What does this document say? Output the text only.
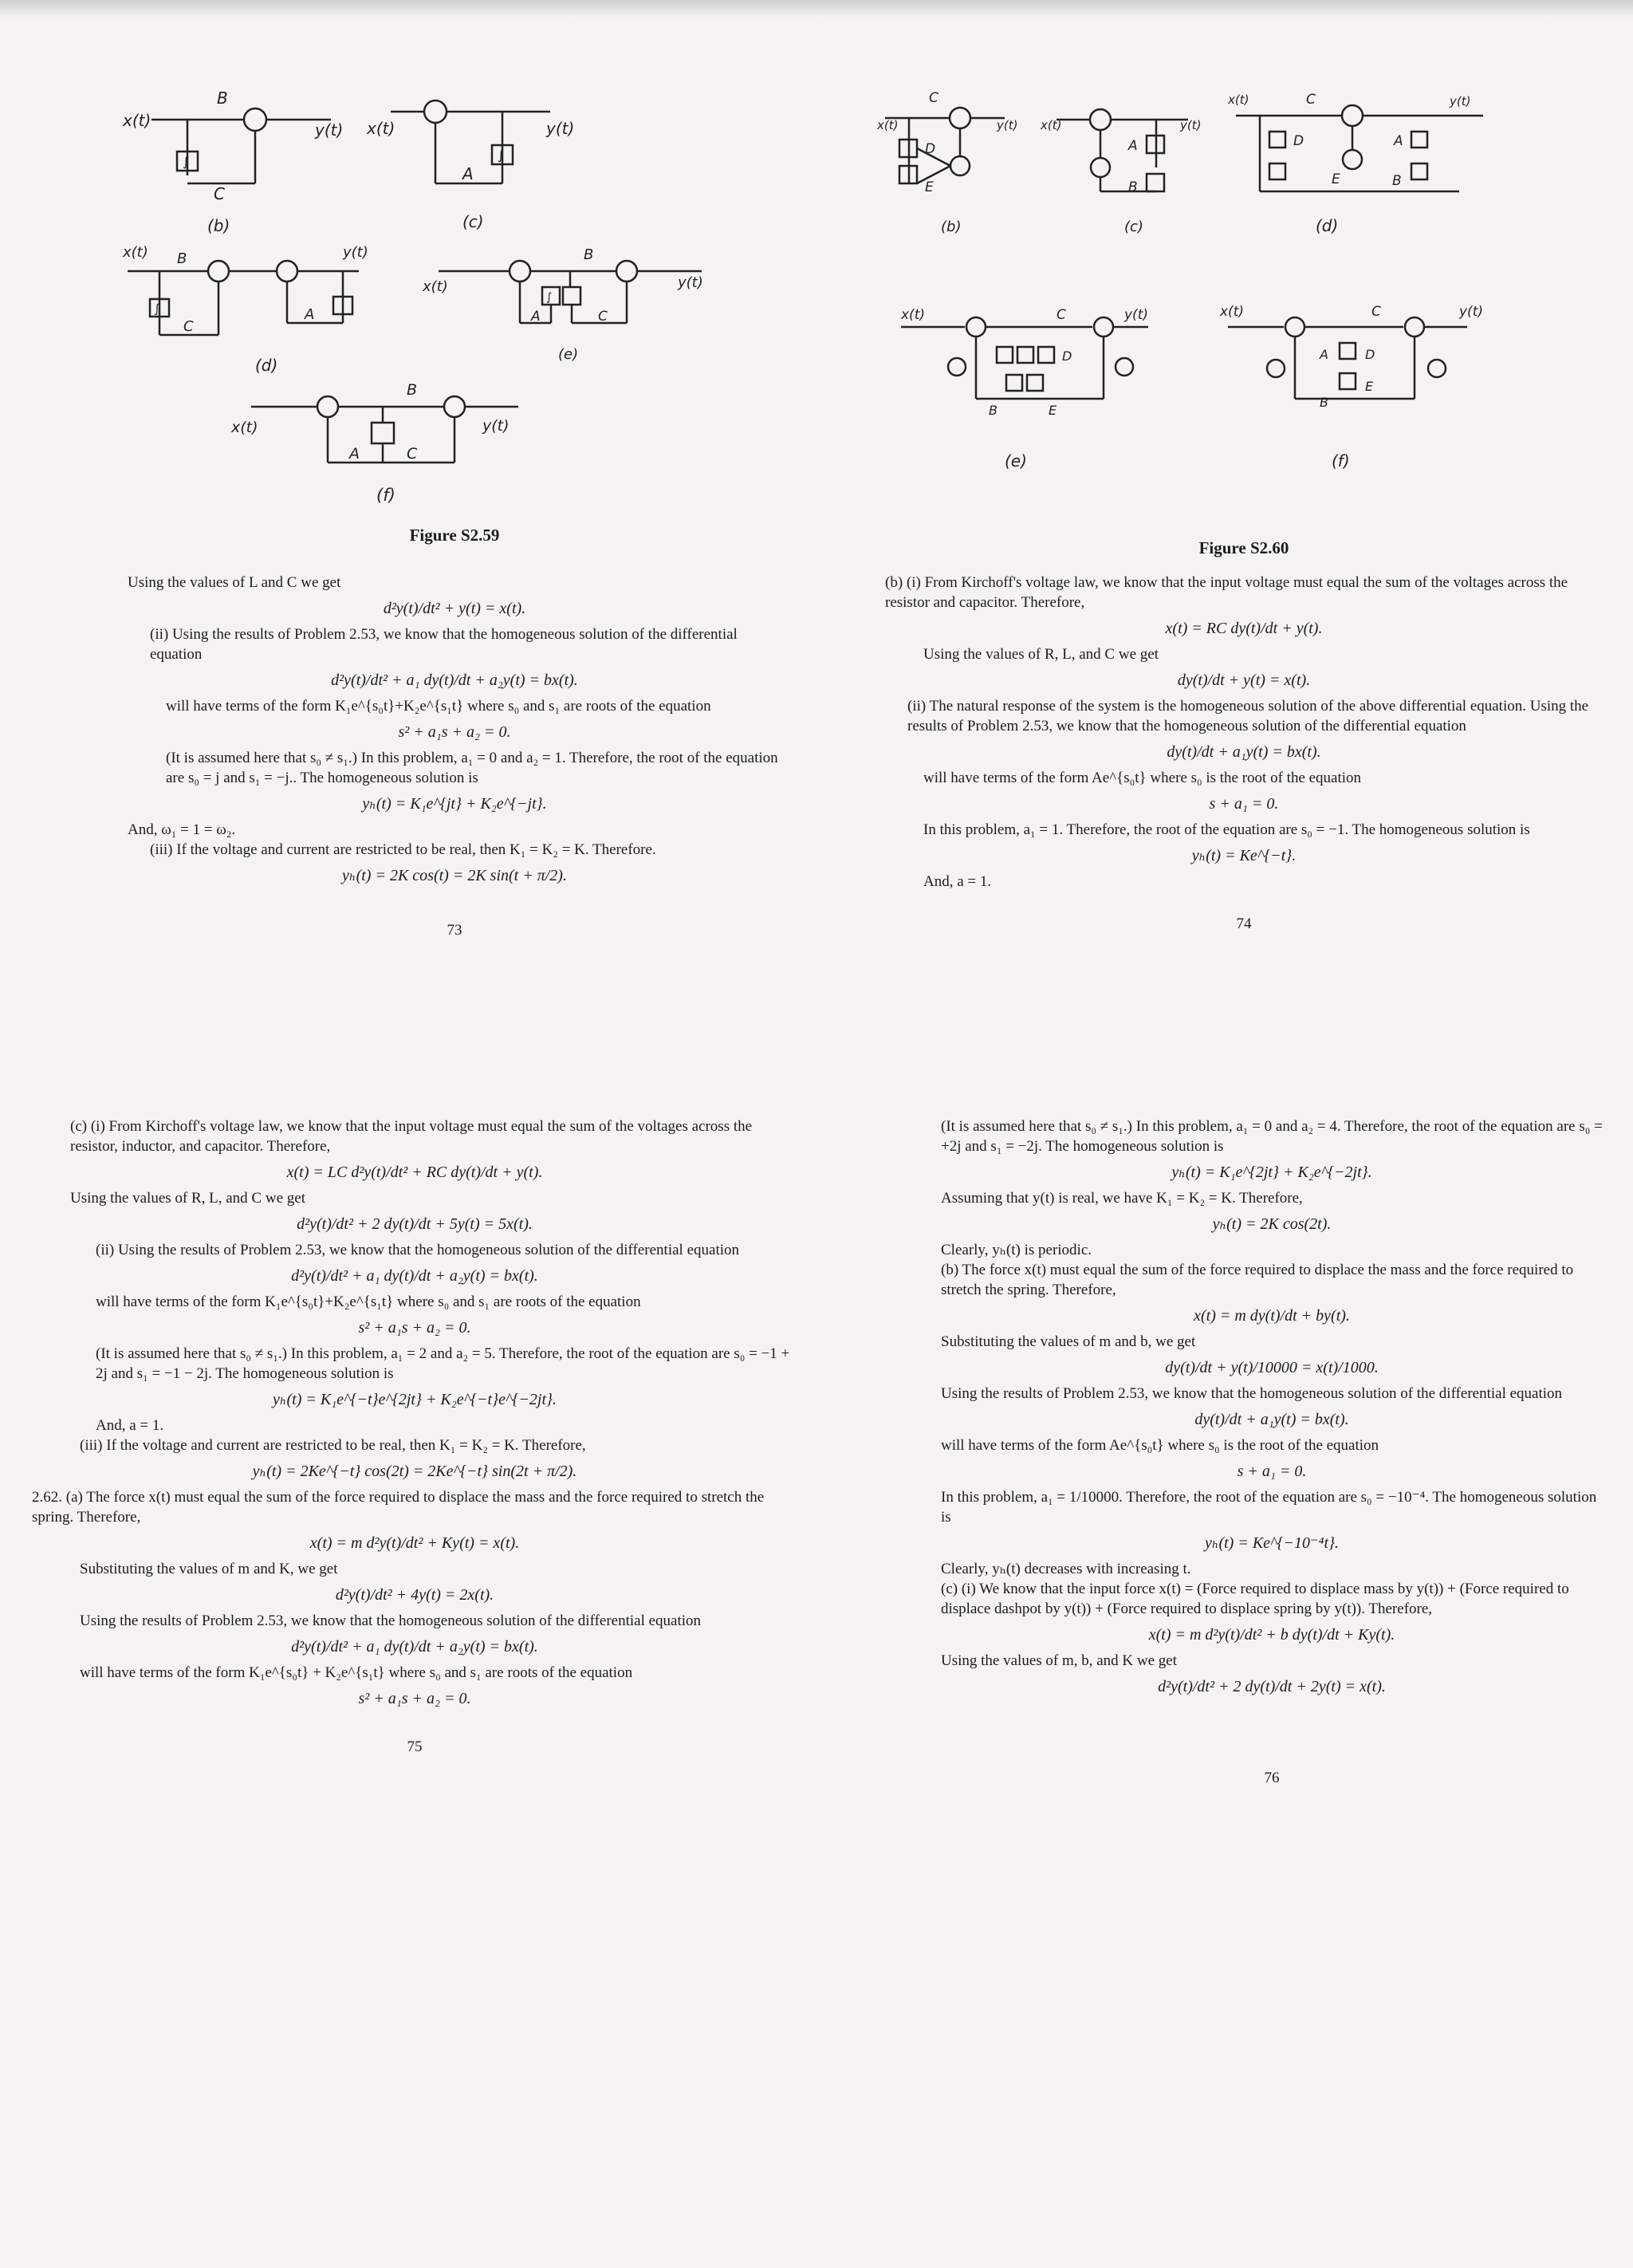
x(t)
B
y(t)
∫
C
(b)
x(t)	y(t)
∫
A
(c)
x(t) B	y(t)
∫
C
A
(d)
x(t)
B
y(t)
∫
A	C
(e)
x(t)
B
y(t)
A	C
(f)
Figure S2.59

Using the values of L and C we get

d²y(t)/dt² + y(t) = x(t).

(ii) Using the results of Problem 2.53, we know that the homogeneous solution of the differential equation

d²y(t)/dt² + a₁ dy(t)/dt + a₂y(t) = bx(t).

will have terms of the form K₁e^{s₀t}+K₂e^{s₁t} where s₀ and s₁ are roots of the equation

s² + a₁s + a₂ = 0.

(It is assumed here that s₀ ≠ s₁.) In this problem, a₁ = 0 and a₂ = 1. Therefore, the root of the equation are s₀ = j and s₁ = −j.. The homogeneous solution is

yₕ(t) = K₁e^{jt} + K₂e^{−jt}.

And, ω₁ = 1 = ω₂.

(iii) If the voltage and current are restricted to be real, then K₁ = K₂ = K. Therefore.

yₕ(t) = 2K cos(t) = 2K sin(t + π/2).
73
x(t)
C
D
E
y(t)
(b)
x(t)	y(t)
A
B
(c)
x(t)	C
D	A
E	B
y(t)
(d)
x(t)	C
D
B	E
y(t)
(e)
x(t)	C
A	D
B
E
y(t)
(f)
Figure S2.60

(b) (i) From Kirchoff's voltage law, we know that the input voltage must equal the sum of the voltages across the resistor and capacitor. Therefore,

x(t) = RC dy(t)/dt + y(t).

Using the values of R, L, and C we get

dy(t)/dt + y(t) = x(t).

(ii) The natural response of the system is the homogeneous solution of the above differential equation. Using the results of Problem 2.53, we know that the homogeneous solution of the differential equation

dy(t)/dt + a₁y(t) = bx(t).

will have terms of the form Ae^{s₀t} where s₀ is the root of the equation

s + a₁ = 0.

In this problem, a₁ = 1. Therefore, the root of the equation are s₀ = −1. The homogeneous solution is

yₕ(t) = Ke^{−t}.

And, a = 1.

74

(c) (i) From Kirchoff's voltage law, we know that the input voltage must equal the sum of the voltages across the resistor, inductor, and capacitor. Therefore,

x(t) = LC d²y(t)/dt² + RC dy(t)/dt + y(t).

Using the values of R, L, and C we get

d²y(t)/dt² + 2 dy(t)/dt + 5y(t) = 5x(t).

(ii) Using the results of Problem 2.53, we know that the homogeneous solution of the differential equation

d²y(t)/dt² + a₁ dy(t)/dt + a₂y(t) = bx(t).

will have terms of the form K₁e^{s₀t}+K₂e^{s₁t} where s₀ and s₁ are roots of the equation

s² + a₁s + a₂ = 0.

(It is assumed here that s₀ ≠ s₁.) In this problem, a₁ = 2 and a₂ = 5. Therefore, the root of the equation are s₀ = −1 + 2j and s₁ = −1 − 2j. The homogeneous solution is

yₕ(t) = K₁e^{−t}e^{2jt} + K₂e^{−t}e^{−2jt}.

And, a = 1.

(iii) If the voltage and current are restricted to be real, then K₁ = K₂ = K. Therefore,

yₕ(t) = 2Ke^{−t} cos(2t) = 2Ke^{−t} sin(2t + π/2).

2.62. (a) The force x(t) must equal the sum of the force required to displace the mass and the force required to stretch the spring. Therefore,

x(t) = m d²y(t)/dt² + Ky(t) = x(t).

Substituting the values of m and K, we get

d²y(t)/dt² + 4y(t) = 2x(t).

Using the results of Problem 2.53, we know that the homogeneous solution of the differential equation

d²y(t)/dt² + a₁ dy(t)/dt + a₂y(t) = bx(t).

will have terms of the form K₁e^{s₀t} + K₂e^{s₁t} where s₀ and s₁ are roots of the equation

s² + a₁s + a₂ = 0.
75

(It is assumed here that s₀ ≠ s₁.) In this problem, a₁ = 0 and a₂ = 4. Therefore, the root of the equation are s₀ = +2j and s₁ = −2j. The homogeneous solution is

yₕ(t) = K₁e^{2jt} + K₂e^{−2jt}.

Assuming that y(t) is real, we have K₁ = K₂ = K. Therefore,

yₕ(t) = 2K cos(2t).

Clearly, yₕ(t) is periodic.

(b) The force x(t) must equal the sum of the force required to displace the mass and the force required to stretch the spring. Therefore,

x(t) = m dy(t)/dt + by(t).

Substituting the values of m and b, we get

dy(t)/dt + y(t)/10000 = x(t)/1000.

Using the results of Problem 2.53, we know that the homogeneous solution of the differential equation

dy(t)/dt + a₁y(t) = bx(t).

will have terms of the form Ae^{s₀t} where s₀ is the root of the equation

s + a₁ = 0.

In this problem, a₁ = 1/10000. Therefore, the root of the equation are s₀ = −10⁻⁴. The homogeneous solution is

yₕ(t) = Ke^{−10⁻⁴t}.

Clearly, yₕ(t) decreases with increasing t.

(c) (i) We know that the input force x(t) = (Force required to displace mass by y(t)) + (Force required to displace dashpot by y(t)) + (Force required to displace spring by y(t)). Therefore,

x(t) = m d²y(t)/dt² + b dy(t)/dt + Ky(t).

Using the values of m, b, and K we get

d²y(t)/dt² + 2 dy(t)/dt + 2y(t) = x(t).
76
